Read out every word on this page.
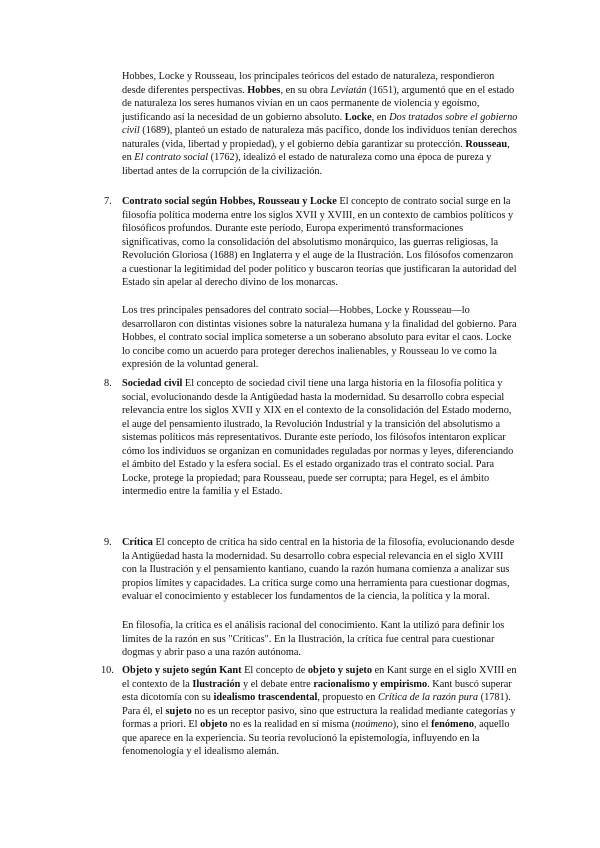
Hobbes, Locke y Rousseau, los principales teóricos del estado de naturaleza, respondieron desde diferentes perspectivas. Hobbes, en su obra Leviatán (1651), argumentó que en el estado de naturaleza los seres humanos vivían en un caos permanente de violencia y egoísmo, justificando así la necesidad de un gobierno absoluto. Locke, en Dos tratados sobre el gobierno civil (1689), planteó un estado de naturaleza más pacífico, donde los individuos tenían derechos naturales (vida, libertad y propiedad), y el gobierno debía garantizar su protección. Rousseau, en El contrato social (1762), idealizó el estado de naturaleza como una época de pureza y libertad antes de la corrupción de la civilización.

7. Contrato social según Hobbes, Rousseau y Locke El concepto de contrato social surge en la filosofía política moderna entre los siglos XVII y XVIII, en un contexto de cambios políticos y filosóficos profundos. Durante este período, Europa experimentó transformaciones significativas, como la consolidación del absolutismo monárquico, las guerras religiosas, la Revolución Gloriosa (1688) en Inglaterra y el auge de la Ilustración. Los filósofos comenzaron a cuestionar la legitimidad del poder político y buscaron teorías que justificaran la autoridad del Estado sin apelar al derecho divino de los monarcas.

Los tres principales pensadores del contrato social—Hobbes, Locke y Rousseau—lo desarrollaron con distintas visiones sobre la naturaleza humana y la finalidad del gobierno. Para Hobbes, el contrato social implica someterse a un soberano absoluto para evitar el caos. Locke lo concibe como un acuerdo para proteger derechos inalienables, y Rousseau lo ve como la expresión de la voluntad general.

8. Sociedad civil El concepto de sociedad civil tiene una larga historia en la filosofía política y social, evolucionando desde la Antigüedad hasta la modernidad. Su desarrollo cobra especial relevancia entre los siglos XVII y XIX en el contexto de la consolidación del Estado moderno, el auge del pensamiento ilustrado, la Revolución Industrial y la transición del absolutismo a sistemas políticos más representativos. Durante este período, los filósofos intentaron explicar cómo los individuos se organizan en comunidades reguladas por normas y leyes, diferenciando el ámbito del Estado y la esfera social. Es el estado organizado tras el contrato social. Para Locke, protege la propiedad; para Rousseau, puede ser corrupta; para Hegel, es el ámbito intermedio entre la familia y el Estado.

9. Crítica El concepto de crítica ha sido central en la historia de la filosofía, evolucionando desde la Antigüedad hasta la modernidad. Su desarrollo cobra especial relevancia en el siglo XVIII con la Ilustración y el pensamiento kantiano, cuando la razón humana comienza a analizar sus propios límites y capacidades. La crítica surge como una herramienta para cuestionar dogmas, evaluar el conocimiento y establecer los fundamentos de la ciencia, la política y la moral.

En filosofía, la crítica es el análisis racional del conocimiento. Kant la utilizó para definir los límites de la razón en sus "Críticas". En la Ilustración, la crítica fue central para cuestionar dogmas y abrir paso a una razón autónoma.

10. Objeto y sujeto según Kant El concepto de objeto y sujeto en Kant surge en el siglo XVIII en el contexto de la Ilustración y el debate entre racionalismo y empirismo. Kant buscó superar esta dicotomía con su idealismo trascendental, propuesto en Crítica de la razón pura (1781). Para él, el sujeto no es un receptor pasivo, sino que estructura la realidad mediante categorías y formas a priori. El objeto no es la realidad en sí misma (noúmeno), sino el fenómeno, aquello que aparece en la experiencia. Su teoría revolucionó la epistemología, influyendo en la fenomenología y el idealismo alemán.
